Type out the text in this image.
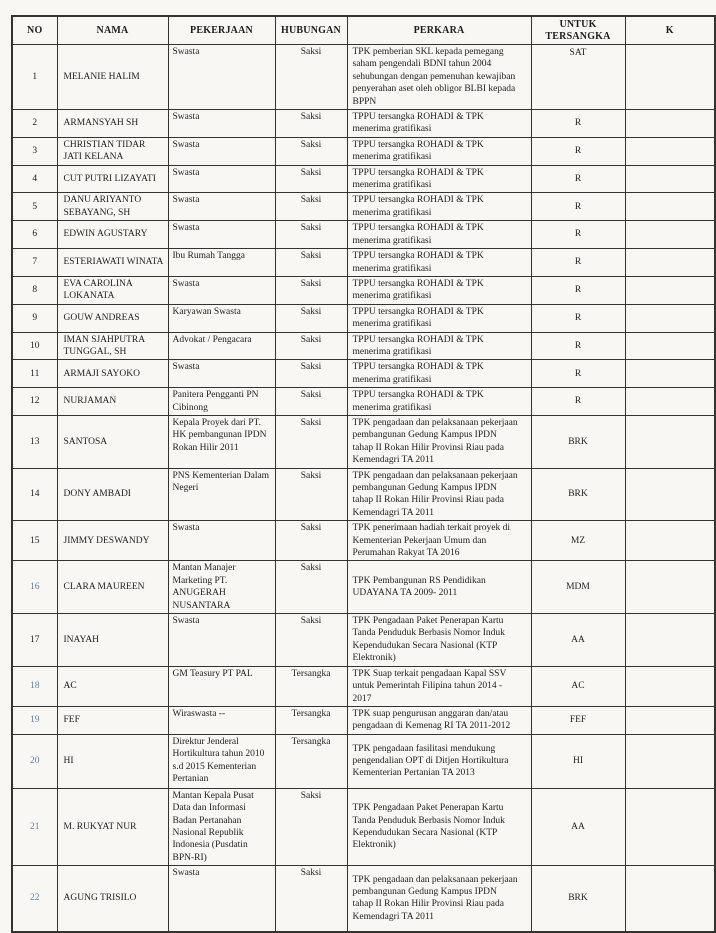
NO	NAMA	PEKERJAAN	HUBUNGAN	PERKARA	UNTUK TERSANGKA	K
1	MELANIE HALIM	Swasta	Saksi	TPK pemberian SKL kepada pemegang saham pengendali BDNI tahun 2004 sehubungan dengan pemenuhan kewajiban penyerahan aset oleh obligor BLBI kepada BPPN	SAT	
2	ARMANSYAH SH	Swasta	Saksi	TPPU tersangka ROHADI & TPK menerima gratifikasi	R	
3	CHRISTIAN TIDAR JATI KELANA	Swasta	Saksi	TPPU tersangka ROHADI & TPK menerima gratifikasi	R	
4	CUT PUTRI LIZAYATI	Swasta	Saksi	TPPU tersangka ROHADI & TPK menerima gratifikasi	R	
5	DANU ARIYANTO SEBAYANG, SH	Swasta	Saksi	TPPU tersangka ROHADI & TPK menerima gratifikasi	R	
6	EDWIN AGUSTARY	Swasta	Saksi	TPPU tersangka ROHADI & TPK menerima gratifikasi	R	
7	ESTERIAWATI WINATA	Ibu Rumah Tangga	Saksi	TPPU tersangka ROHADI & TPK menerima gratifikasi	R	
8	EVA CAROLINA LOKANATA	Swasta	Saksi	TPPU tersangka ROHADI & TPK menerima gratifikasi	R	
9	GOUW ANDREAS	Karyawan Swasta	Saksi	TPPU tersangka ROHADI & TPK menerima gratifikasi	R	
10	IMAN SJAHPUTRA TUNGGAL, SH	Advokat / Pengacara	Saksi	TPPU tersangka ROHADI & TPK menerima gratifikasi	R	
11	ARMAJI SAYOKO	Swasta	Saksi	TPPU tersangka ROHADI & TPK menerima gratifikasi	R	
12	NURJAMAN	Panitera Pengganti PN Cibinong	Saksi	TPPU tersangka ROHADI & TPK menerima gratifikasi	R	
13	SANTOSA	Kepala Proyek dari PT. HK pembangunan IPDN Rokan Hilir 2011	Saksi	TPK pengadaan dan pelaksanaan pekerjaan pembangunan Gedung Kampus IPDN tahap II Rokan Hilir Provinsi Riau pada Kemendagri TA 2011	BRK	
14	DONY AMBADI	PNS Kementerian Dalam Negeri	Saksi	TPK pengadaan dan pelaksanaan pekerjaan pembangunan Gedung Kampus IPDN tahap II Rokan Hilir Provinsi Riau pada Kemendagri TA 2011	BRK	
15	JIMMY DESWANDY	Swasta	Saksi	TPK penerimaan hadiah terkait proyek di Kementerian Pekerjaan Umum dan Perumahan Rakyat TA 2016	MZ	
16	CLARA MAUREEN	Mantan Manajer Marketing PT. ANUGERAH NUSANTARA	Saksi	TPK Pembangunan RS Pendidikan UDAYANA TA 2009- 2011	MDM	
17	INAYAH	Swasta	Saksi	TPK Pengadaan Paket Penerapan Kartu Tanda Penduduk Berbasis Nomor Induk Kependudukan Secara Nasional (KTP Elektronik)	AA	
18	AC	GM Teasury PT PAL	Tersangka	TPK Suap terkait pengadaan Kapal SSV untuk Pemerintah Filipina tahun 2014 - 2017	AC	
19	FEF	Wiraswasta --	Tersangka	TPK suap pengurusan anggaran dan/atau pengadaan di Kemenag RI TA 2011-2012	FEF	
20	HI	Direktur Jenderal Hortikultura tahun 2010 s.d 2015 Kementerian Pertanian	Tersangka	TPK pengadaan fasilitasi mendukung pengendalian OPT di Ditjen Hortikultura Kementerian Pertanian TA 2013	HI	
21	M. RUKYAT NUR	Mantan Kepala Pusat Data dan Informasi Badan Pertanahan Nasional Republik Indonesia (Pusdatin BPN-RI)	Saksi	TPK Pengadaan Paket Penerapan Kartu Tanda Penduduk Berbasis Nomor Induk Kependudukan Secara Nasional (KTP Elektronik)	AA	
22	AGUNG TRISILO	Swasta	Saksi	TPK pengadaan dan pelaksanaan pekerjaan pembangunan Gedung Kampus IPDN tahap II Rokan Hilir Provinsi Riau pada Kemendagri TA 2011	BRK	
